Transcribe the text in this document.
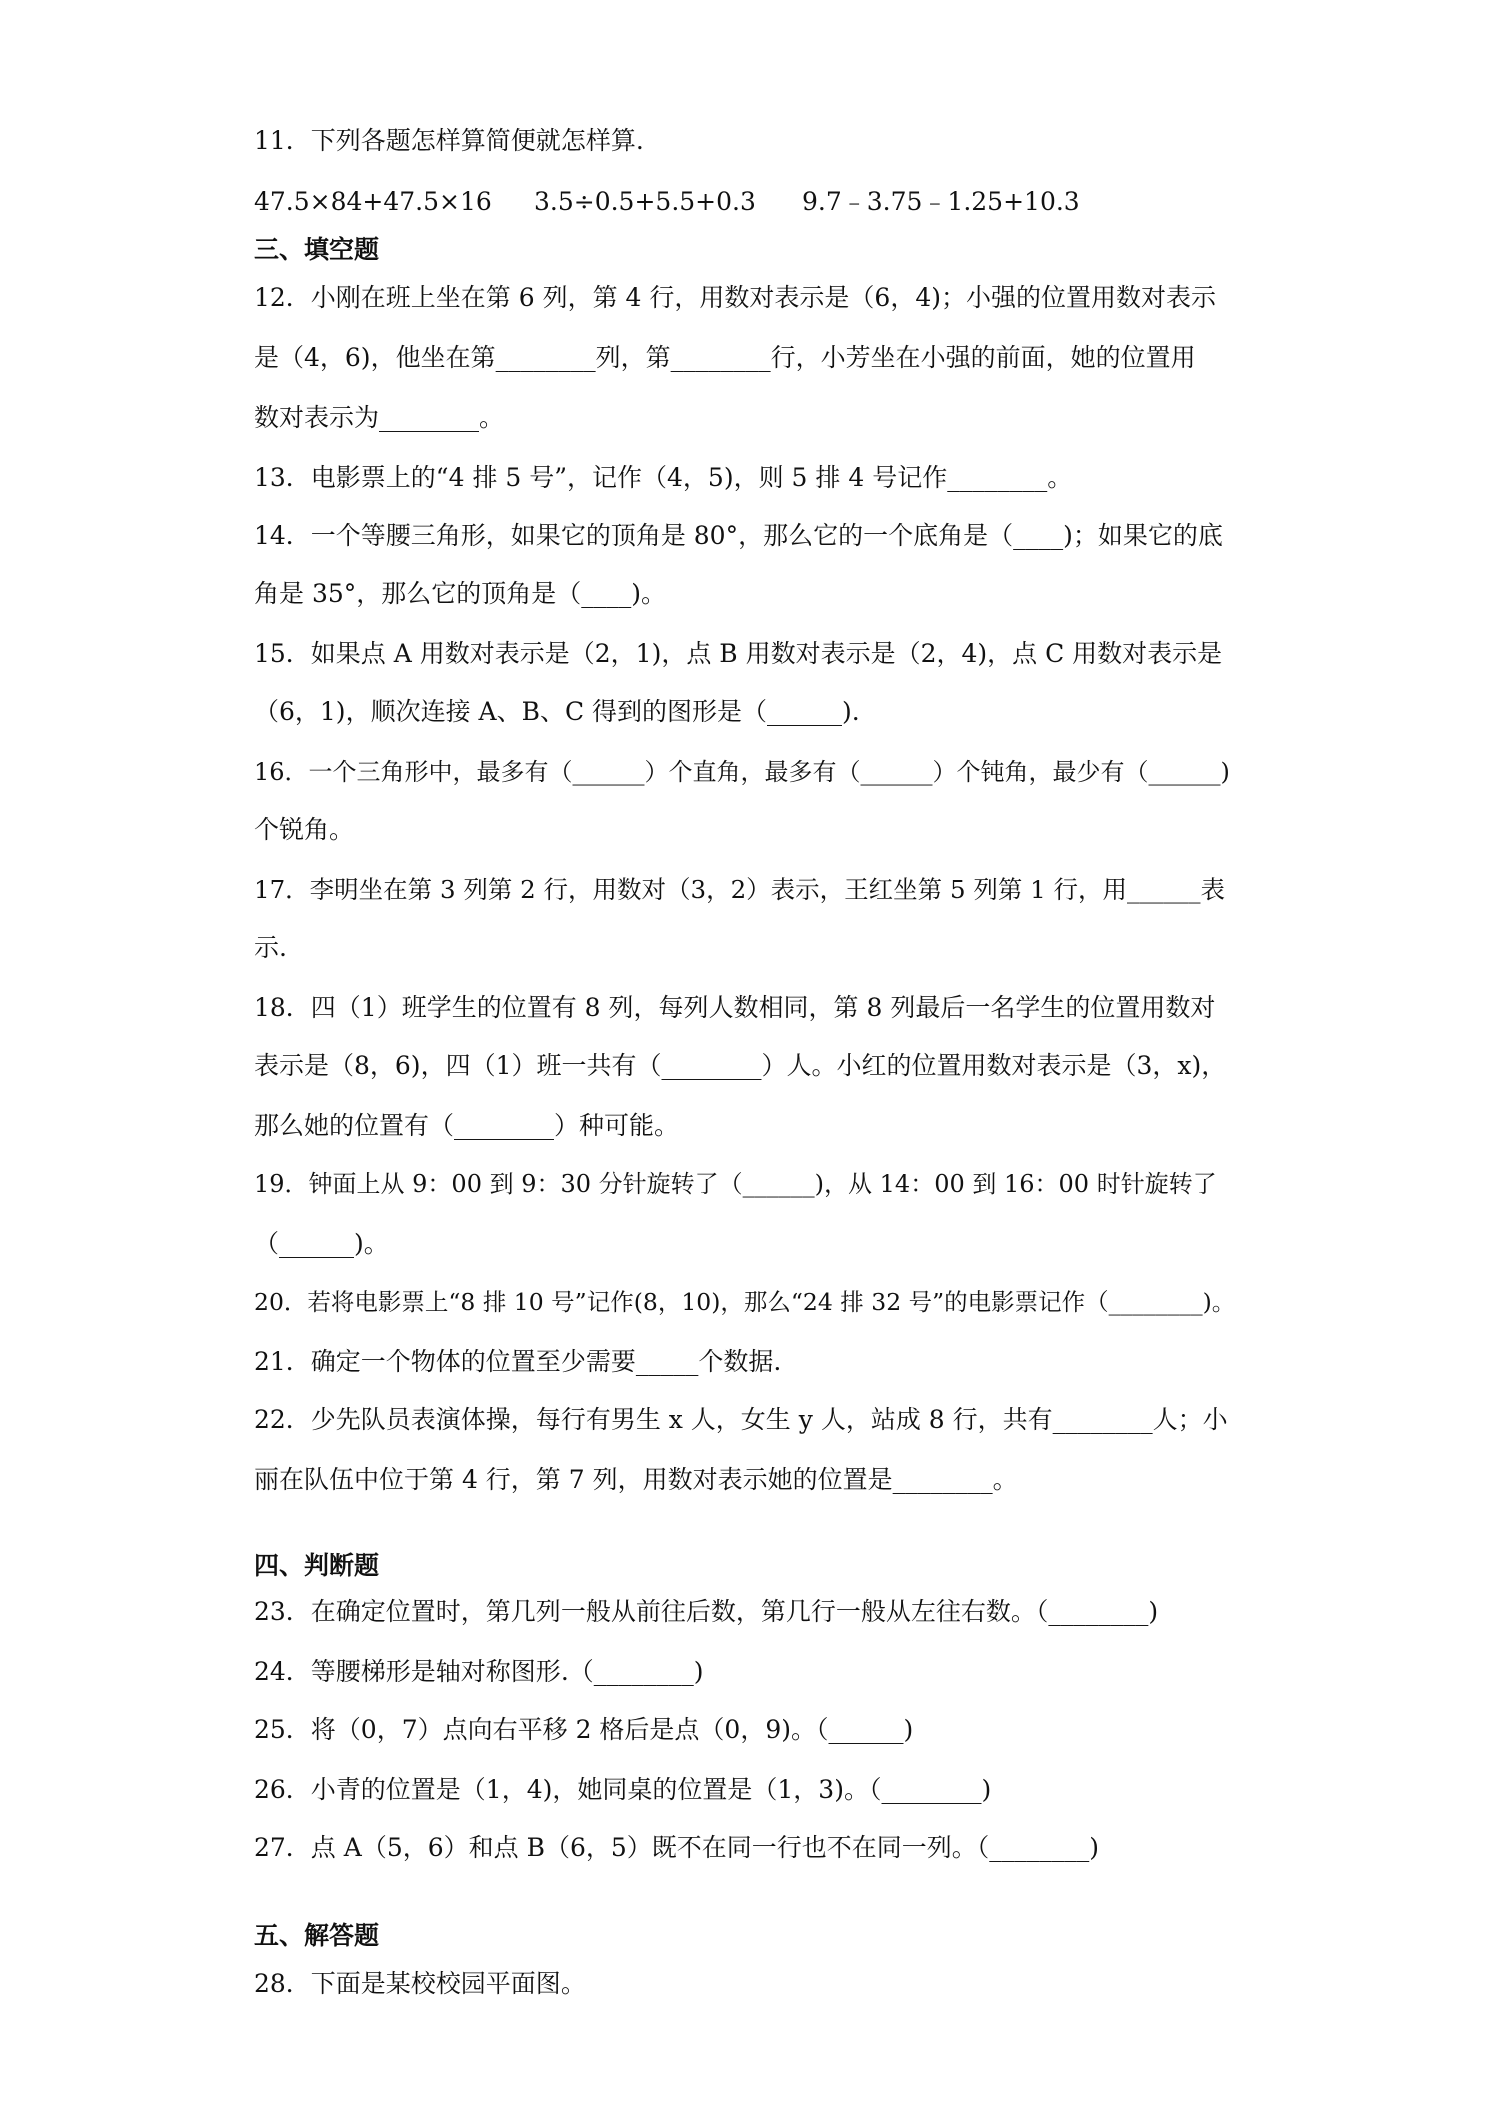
11．下列各题怎样算简便就怎样算.
47.5×84+47.5×16 3.5÷0.5+5.5+0.3 9.7﹣3.75﹣1.25+10.3
三、填空题
12．小刚在班上坐在第 6 列，第 4 行，用数对表示是（6，4)；小强的位置用数对表示
是（4，6)，他坐在第________列，第________行，小芳坐在小强的前面，她的位置用
数对表示为________。
13．电影票上的“4 排 5 号”，记作（4，5)，则 5 排 4 号记作________。
14．一个等腰三角形，如果它的顶角是 80°，那么它的一个底角是（____)；如果它的底
角是 35°，那么它的顶角是（____)。
15．如果点 A 用数对表示是（2，1)，点 B 用数对表示是（2，4)，点 C 用数对表示是
（6，1)，顺次连接 A、B、C 得到的图形是（______).
16．一个三角形中，最多有（______）个直角，最多有（______）个钝角，最少有（______)
个锐角。
17．李明坐在第 3 列第 2 行，用数对（3，2）表示，王红坐第 5 列第 1 行，用______表
示.
18．四（1）班学生的位置有 8 列，每列人数相同，第 8 列最后一名学生的位置用数对
表示是（8，6)，四（1）班一共有（________）人。小红的位置用数对表示是（3，x)，
那么她的位置有（________）种可能。
19．钟面上从 9：00 到 9：30 分针旋转了（______)，从 14：00 到 16：00 时针旋转了
（______)。
20．若将电影票上“8 排 10 号”记作(8，10)，那么“24 排 32 号”的电影票记作（________)。
21．确定一个物体的位置至少需要_____个数据.
22．少先队员表演体操，每行有男生 x 人，女生 y 人，站成 8 行，共有________人；小
丽在队伍中位于第 4 行，第 7 列，用数对表示她的位置是________。
四、判断题
23．在确定位置时，第几列一般从前往后数，第几行一般从左往右数。（________)
24．等腰梯形是轴对称图形.（________)
25．将（0，7）点向右平移 2 格后是点（0，9)。（______)
26．小青的位置是（1，4)，她同桌的位置是（1，3)。（________)
27．点 A（5，6）和点 B（6，5）既不在同一行也不在同一列。（________)
五、解答题
28．下面是某校校园平面图。
